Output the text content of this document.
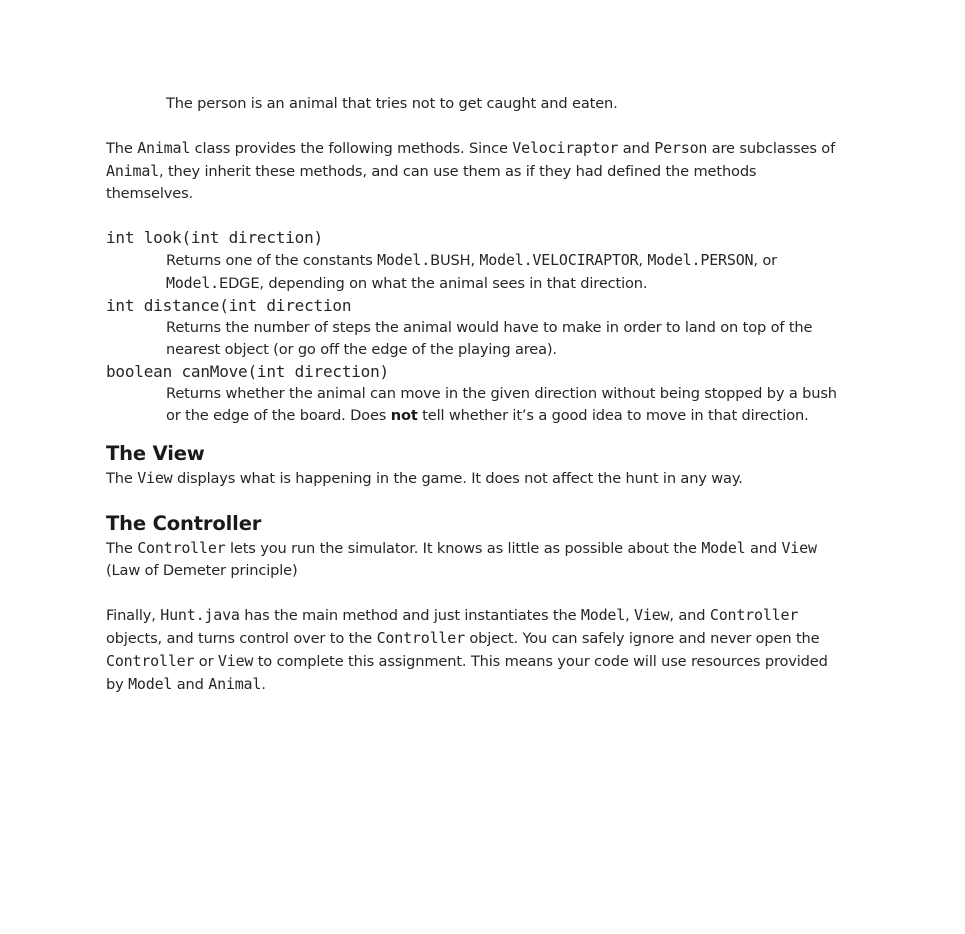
The person is an animal that tries not to get caught and eaten.

The Animal class provides the following methods. Since Velociraptor and Person are subclasses of Animal, they inherit these methods, and can use them as if they had defined the methods themselves.

int look(int direction)

Returns one of the constants Model.BUSH, Model.VELOCIRAPTOR, Model.PERSON, or Model.EDGE, depending on what the animal sees in that direction.

int distance(int direction

Returns the number of steps the animal would have to make in order to land on top of the nearest object (or go off the edge of the playing area).

boolean canMove(int direction)

Returns whether the animal can move in the given direction without being stopped by a bush or the edge of the board. Does not tell whether it’s a good idea to move in that direction.

The View

The View displays what is happening in the game. It does not affect the hunt in any way.

The Controller

The Controller lets you run the simulator. It knows as little as possible about the Model and View (Law of Demeter principle)

Finally, Hunt.java has the main method and just instantiates the Model, View, and Controller objects, and turns control over to the Controller object. You can safely ignore and never open the Controller or View to complete this assignment. This means your code will use resources provided by Model and Animal.
